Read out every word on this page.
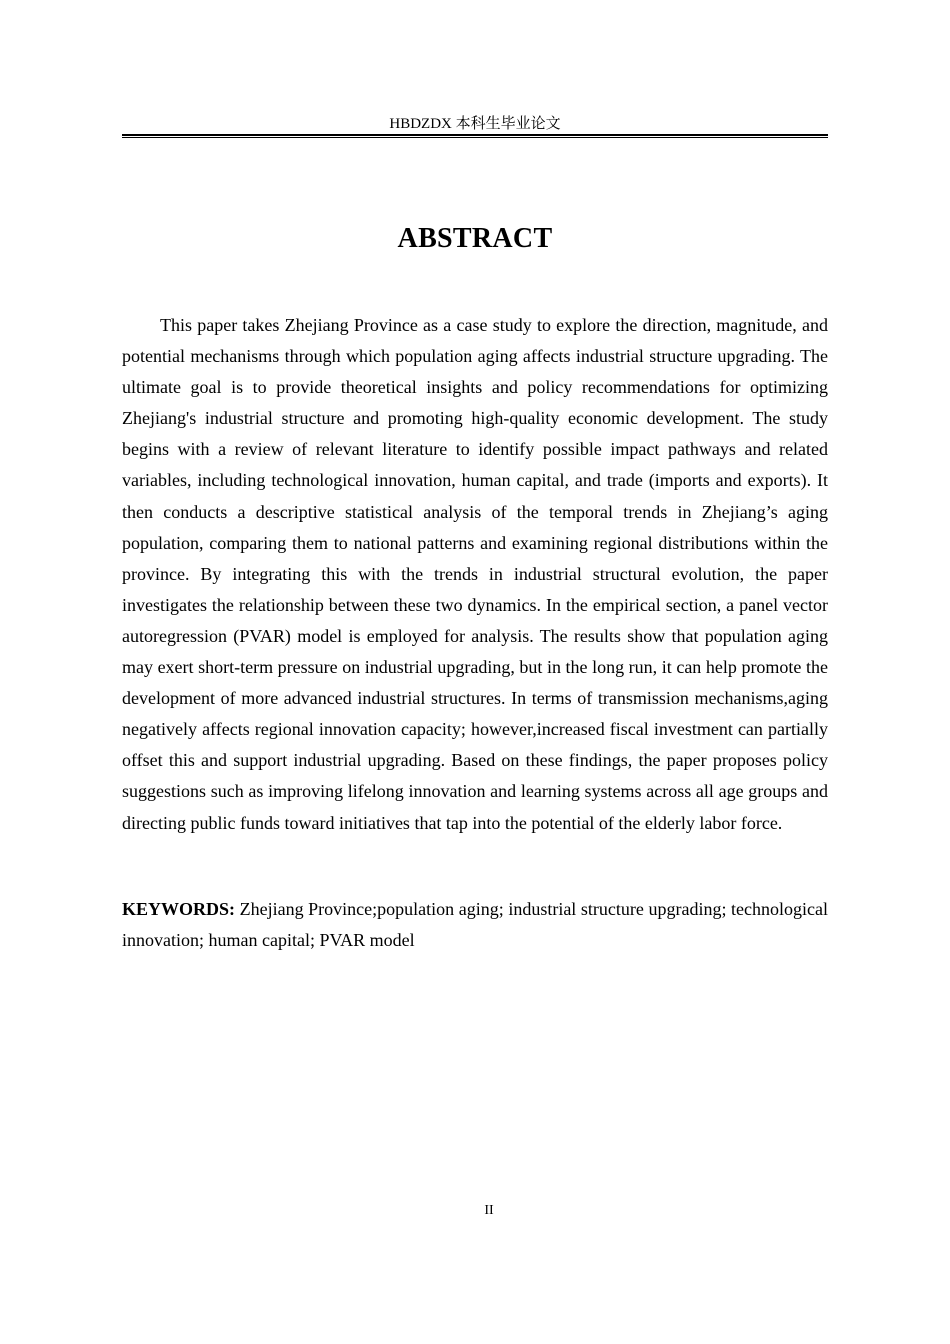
HBDZDX 本科生毕业论文
ABSTRACT

This paper takes Zhejiang Province as a case study to explore the direction, magnitude, and potential mechanisms through which population aging affects industrial structure upgrading. The ultimate goal is to provide theoretical insights and policy recommendations for optimizing Zhejiang's industrial structure and promoting high-quality economic development. The study begins with a review of relevant literature to identify possible impact pathways and related variables, including technological innovation, human capital, and trade (imports and exports). It then conducts a descriptive statistical analysis of the temporal trends in Zhejiang’s aging population, comparing them to national patterns and examining regional distributions within the province. By integrating this with the trends in industrial structural evolution, the paper investigates the relationship between these two dynamics. In the empirical section, a panel vector autoregression (PVAR) model is employed for analysis. The results show that population aging may exert short-term pressure on industrial upgrading, but in the long run, it can help promote the development of more advanced industrial structures. In terms of transmission mechanisms,aging negatively affects regional innovation capacity; however,increased fiscal investment can partially offset this and support industrial upgrading. Based on these findings, the paper proposes policy suggestions such as improving lifelong innovation and learning systems across all age groups and directing public funds toward initiatives that tap into the potential of the elderly labor force.

KEYWORDS: Zhejiang Province;population aging; industrial structure upgrading; technological innovation; human capital; PVAR model

II
